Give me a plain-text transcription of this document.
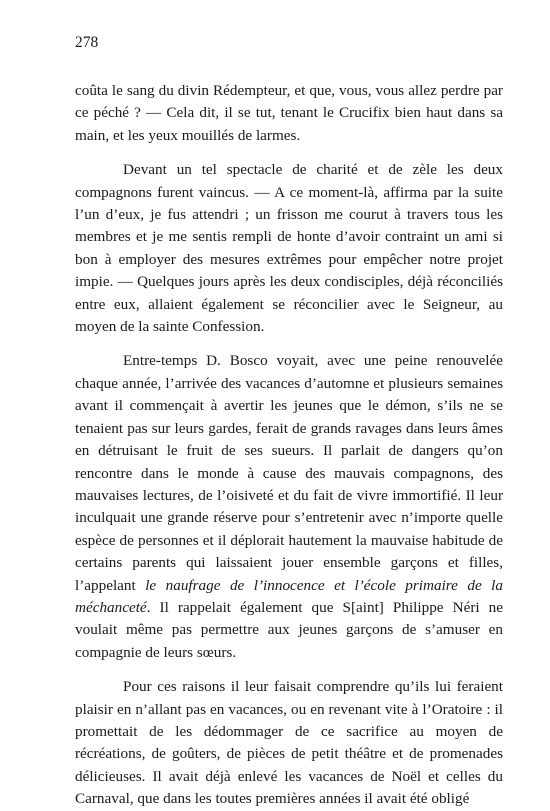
278

coûta le sang du divin Rédempteur, et que, vous, vous allez perdre par ce péché ? — Cela dit, il se tut, tenant le Crucifix bien haut dans sa main, et les yeux mouillés de larmes.

Devant un tel spectacle de charité et de zèle les deux compagnons furent vaincus. — A ce moment-là, affirma par la suite l’un d’eux, je fus attendri ; un frisson me courut à travers tous les membres et je me sentis rempli de honte d’avoir contraint un ami si bon à employer des mesures extrêmes pour empêcher notre projet impie. — Quelques jours après les deux condisciples, déjà réconciliés entre eux, allaient également se réconcilier avec le Seigneur, au moyen de la sainte Confession.

Entre-temps D. Bosco voyait, avec une peine renouvelée chaque année, l’arrivée des vacances d’automne et plusieurs semaines avant il commençait à avertir les jeunes que le démon, s’ils ne se tenaient pas sur leurs gardes, ferait de grands ravages dans leurs âmes en détruisant le fruit de ses sueurs. Il parlait de dangers qu’on rencontre dans le monde à cause des mauvais compagnons, des mauvaises lectures, de l’oisiveté et du fait de vivre immortifié. Il leur inculquait une grande réserve pour s’entretenir avec n’importe quelle espèce de personnes et il déplorait hautement la mauvaise habitude de certains parents qui laissaient jouer ensemble garçons et filles, l’appelant le naufrage de l’innocence et l’école primaire de la méchanceté. Il rappelait également que S[aint] Philippe Néri ne voulait même pas permettre aux jeunes garçons de s’amuser en compagnie de leurs sœurs.

Pour ces raisons il leur faisait comprendre qu’ils lui feraient plaisir en n’allant pas en vacances, ou en revenant vite à l’Oratoire : il promettait de les dédommager de ce sacrifice au moyen de récréations, de goûters, de pièces de petit théâtre et de promenades délicieuses. Il avait déjà enlevé les vacances de Noël et celles du Carnaval, que dans les toutes premières années il avait été obligé
